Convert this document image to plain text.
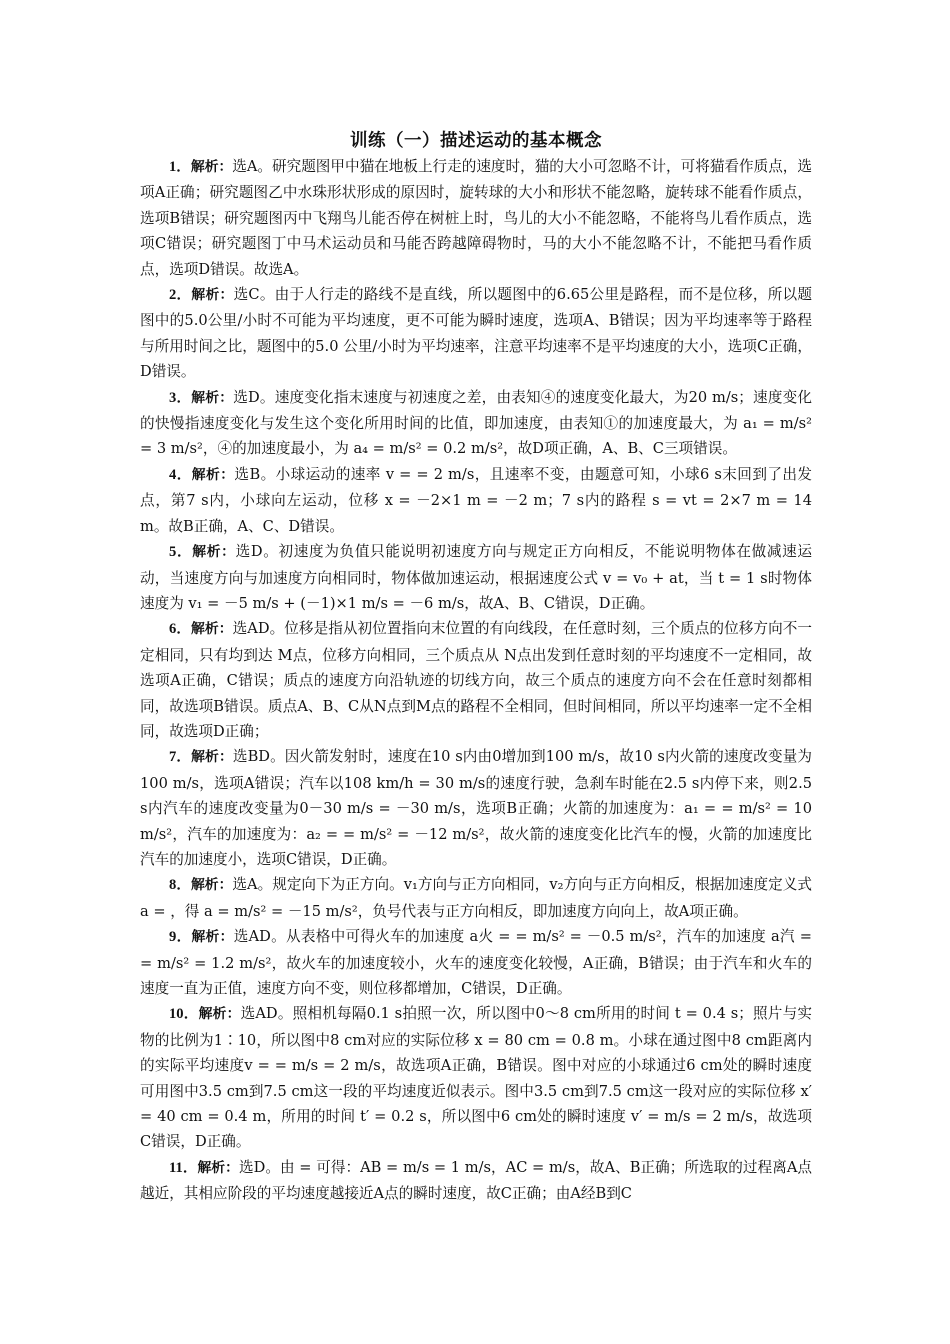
训练（一）描述运动的基本概念

1．解析：选A。研究题图甲中猫在地板上行走的速度时，猫的大小可忽略不计，可将猫看作质点，选项A正确；研究题图乙中水珠形状形成的原因时，旋转球的大小和形状不能忽略，旋转球不能看作质点，选项B错误；研究题图丙中飞翔鸟儿能否停在树桩上时，鸟儿的大小不能忽略，不能将鸟儿看作质点，选项C错误；研究题图丁中马术运动员和马能否跨越障碍物时，马的大小不能忽略不计，不能把马看作质点，选项D错误。故选A。

2．解析：选C。由于人行走的路线不是直线，所以题图中的6.65公里是路程，而不是位移，所以题图中的5.0公里/小时不可能为平均速度，更不可能为瞬时速度，选项A、B错误；因为平均速率等于路程与所用时间之比，题图中的5.0 公里/小时为平均速率，注意平均速率不是平均速度的大小，选项C正确，D错误。

3．解析：选D。速度变化指末速度与初速度之差，由表知④的速度变化最大，为20 m/s；速度变化的快慢指速度变化与发生这个变化所用时间的比值，即加速度，由表知①的加速度最大，为 a₁ = m/s² = 3 m/s²，④的加速度最小，为 a₄ = m/s² = 0.2 m/s²，故D项正确，A、B、C三项错误。

4．解析：选B。小球运动的速率 v = = 2 m/s，且速率不变，由题意可知，小球6 s末回到了出发点，第7 s内，小球向左运动，位移 x = －2×1 m = －2 m；7 s内的路程 s = vt = 2×7 m = 14 m。故B正确，A、C、D错误。

5．解析：选D。初速度为负值只能说明初速度方向与规定正方向相反，不能说明物体在做减速运动，当速度方向与加速度方向相同时，物体做加速运动，根据速度公式 v = v₀ + at，当 t = 1 s时物体速度为 v₁ = －5 m/s + (－1)×1 m/s = －6 m/s，故A、B、C错误，D正确。

6．解析：选AD。位移是指从初位置指向末位置的有向线段，在任意时刻，三个质点的位移方向不一定相同，只有均到达 M点，位移方向相同，三个质点从 N点出发到任意时刻的平均速度不一定相同，故选项A正确，C错误；质点的速度方向沿轨迹的切线方向，故三个质点的速度方向不会在任意时刻都相同，故选项B错误。质点A、B、C从N点到M点的路程不全相同，但时间相同，所以平均速率一定不全相同，故选项D正确；

7．解析：选BD。因火箭发射时，速度在10 s内由0增加到100 m/s，故10 s内火箭的速度改变量为100 m/s，选项A错误；汽车以108 km/h = 30 m/s的速度行驶，急刹车时能在2.5 s内停下来，则2.5 s内汽车的速度改变量为0－30 m/s = －30 m/s，选项B正确；火箭的加速度为：a₁ = = m/s² = 10 m/s²，汽车的加速度为：a₂ = = m/s² = －12 m/s²，故火箭的速度变化比汽车的慢，火箭的加速度比汽车的加速度小，选项C错误，D正确。

8．解析：选A。规定向下为正方向。v₁方向与正方向相同，v₂方向与正方向相反，根据加速度定义式 a = ，得 a = m/s² = －15 m/s²，负号代表与正方向相反，即加速度方向向上，故A项正确。

9．解析：选AD。从表格中可得火车的加速度 a火 = = m/s² = －0.5 m/s²，汽车的加速度 a汽 = = m/s² = 1.2 m/s²，故火车的加速度较小，火车的速度变化较慢，A正确，B错误；由于汽车和火车的速度一直为正值，速度方向不变，则位移都增加，C错误，D正确。

10．解析：选AD。照相机每隔0.1 s拍照一次，所以图中0～8 cm所用的时间 t = 0.4 s；照片与实物的比例为1∶10，所以图中8 cm对应的实际位移 x = 80 cm = 0.8 m。小球在通过图中8 cm距离内的实际平均速度v = = m/s = 2 m/s，故选项A正确，B错误。图中对应的小球通过6 cm处的瞬时速度可用图中3.5 cm到7.5 cm这一段的平均速度近似表示。图中3.5 cm到7.5 cm这一段对应的实际位移 x′ = 40 cm = 0.4 m，所用的时间 t′ = 0.2 s，所以图中6 cm处的瞬时速度 v′ = m/s = 2 m/s，故选项C错误，D正确。

11．解析：选D。由 = 可得：AB = m/s = 1 m/s，AC = m/s，故A、B正确；所选取的过程离A点越近，其相应阶段的平均速度越接近A点的瞬时速度，故C正确；由A经B到C
